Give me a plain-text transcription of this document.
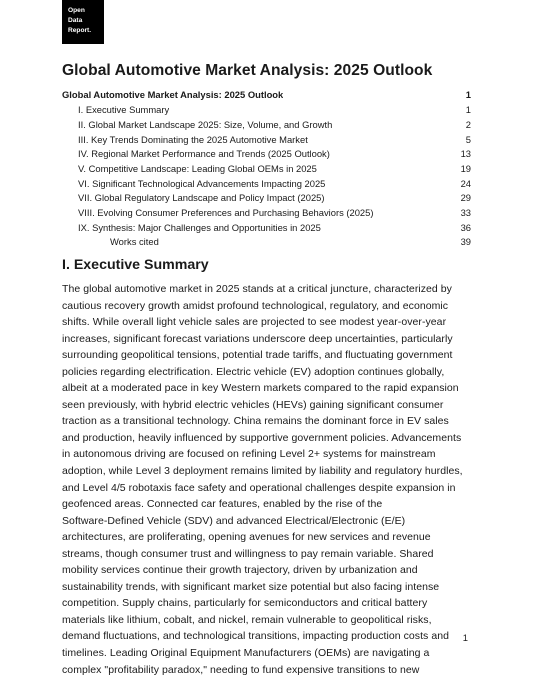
Open
Data
Report.
Global Automotive Market Analysis: 2025 Outlook
Global Automotive Market Analysis: 2025 Outlook	1
I. Executive Summary	1
II. Global Market Landscape 2025: Size, Volume, and Growth	2
III. Key Trends Dominating the 2025 Automotive Market	5
IV. Regional Market Performance and Trends (2025 Outlook)	13
V. Competitive Landscape: Leading Global OEMs in 2025	19
VI. Significant Technological Advancements Impacting 2025	24
VII. Global Regulatory Landscape and Policy Impact (2025)	29
VIII. Evolving Consumer Preferences and Purchasing Behaviors (2025)	33
IX. Synthesis: Major Challenges and Opportunities in 2025	36
Works cited	39
I. Executive Summary

The global automotive market in 2025 stands at a critical juncture, characterized by
cautious recovery growth amidst profound technological, regulatory, and economic
shifts. While overall light vehicle sales are projected to see modest year-over-year
increases, significant forecast variations underscore deep uncertainties, particularly
surrounding geopolitical tensions, potential trade tariffs, and fluctuating government
policies regarding electrification. Electric vehicle (EV) adoption continues globally,
albeit at a moderated pace in key Western markets compared to the rapid expansion
seen previously, with hybrid electric vehicles (HEVs) gaining significant consumer
traction as a transitional technology. China remains the dominant force in EV sales
and production, heavily influenced by supportive government policies. Advancements
in autonomous driving are focused on refining Level 2+ systems for mainstream
adoption, while Level 3 deployment remains limited by liability and regulatory hurdles,
and Level 4/5 robotaxis face safety and operational challenges despite expansion in
geofenced areas. Connected car features, enabled by the rise of the
Software-Defined Vehicle (SDV) and advanced Electrical/Electronic (E/E)
architectures, are proliferating, opening avenues for new services and revenue
streams, though consumer trust and willingness to pay remain variable. Shared
mobility services continue their growth trajectory, driven by urbanization and
sustainability trends, with significant market size potential but also facing intense
competition. Supply chains, particularly for semiconductors and critical battery
materials like lithium, cobalt, and nickel, remain vulnerable to geopolitical risks,
demand fluctuations, and technological transitions, impacting production costs and
timelines. Leading Original Equipment Manufacturers (OEMs) are navigating a
complex "profitability paradox," needing to fund expensive transitions to new

1
